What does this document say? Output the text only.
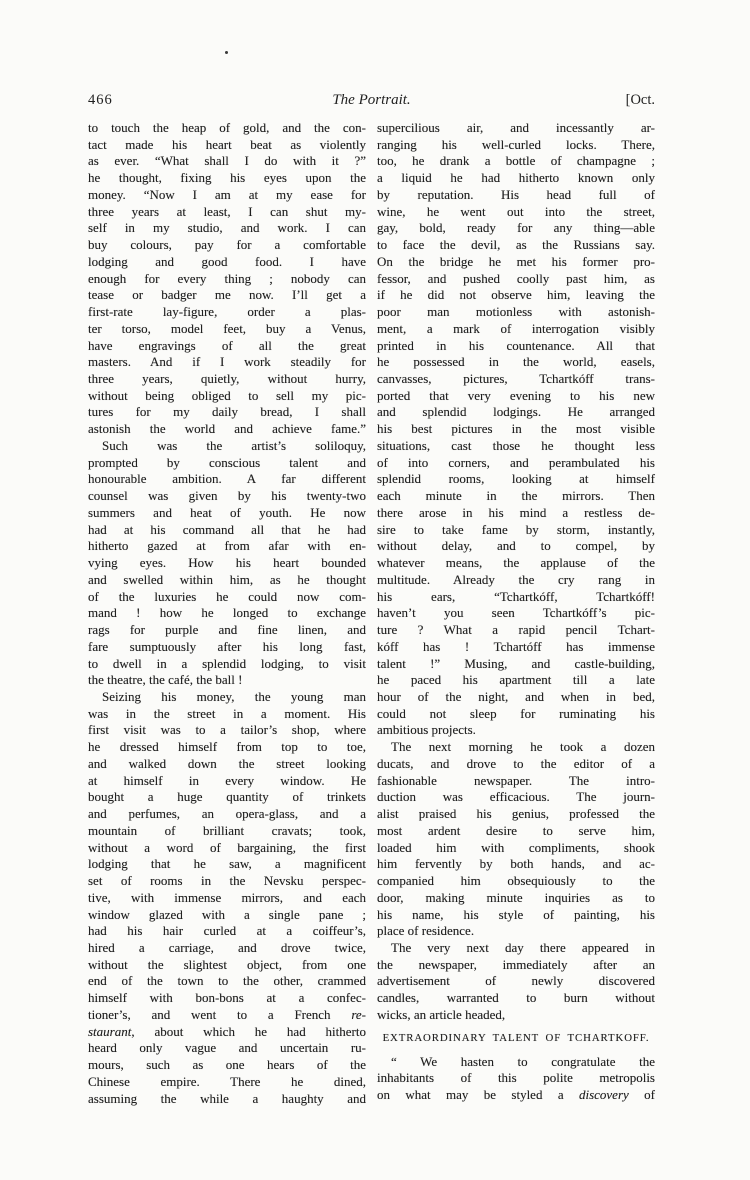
466	The Portrait.	[Oct.
to touch the heap of gold, and the con-
tact made his heart beat as violently
as ever. “What shall I do with it ?”
he thought, fixing his eyes upon the
money. “Now I am at my ease for
three years at least, I can shut my-
self in my studio, and work. I can
buy colours, pay for a comfortable
lodging and good food. I have
enough for every thing ; nobody can
tease or badger me now. I’ll get a
first-rate lay-figure, order a plas-
ter torso, model feet, buy a Venus,
have engravings of all the great
masters. And if I work steadily for
three years, quietly, without hurry,
without being obliged to sell my pic-
tures for my daily bread, I shall
astonish the world and achieve fame.”
Such was the artist’s soliloquy,
prompted by conscious talent and
honourable ambition. A far different
counsel was given by his twenty-two
summers and heat of youth. He now
had at his command all that he had
hitherto gazed at from afar with en-
vying eyes. How his heart bounded
and swelled within him, as he thought
of the luxuries he could now com-
mand ! how he longed to exchange
rags for purple and fine linen, and
fare sumptuously after his long fast,
to dwell in a splendid lodging, to visit
the theatre, the café, the ball !
Seizing his money, the young man
was in the street in a moment. His
first visit was to a tailor’s shop, where
he dressed himself from top to toe,
and walked down the street looking
at himself in every window. He
bought a huge quantity of trinkets
and perfumes, an opera-glass, and a
mountain of brilliant cravats; took,
without a word of bargaining, the first
lodging that he saw, a magnificent
set of rooms in the Nevsku perspec-
tive, with immense mirrors, and each
window glazed with a single pane ;
had his hair curled at a coiffeur’s,
hired a carriage, and drove twice,
without the slightest object, from one
end of the town to the other, crammed
himself with bon-bons at a confec-
tioner’s, and went to a French re-
staurant, about which he had hitherto
heard only vague and uncertain ru-
mours, such as one hears of the
Chinese empire. There he dined,
assuming the while a haughty and
supercilious air, and incessantly ar-
ranging his well-curled locks. There,
too, he drank a bottle of champagne ;
a liquid he had hitherto known only
by reputation. His head full of
wine, he went out into the street,
gay, bold, ready for any thing—able
to face the devil, as the Russians say.
On the bridge he met his former pro-
fessor, and pushed coolly past him, as
if he did not observe him, leaving the
poor man motionless with astonish-
ment, a mark of interrogation visibly
printed in his countenance. All that
he possessed in the world, easels,
canvasses, pictures, Tchartkóff trans-
ported that very evening to his new
and splendid lodgings. He arranged
his best pictures in the most visible
situations, cast those he thought less
of into corners, and perambulated his
splendid rooms, looking at himself
each minute in the mirrors. Then
there arose in his mind a restless de-
sire to take fame by storm, instantly,
without delay, and to compel, by
whatever means, the applause of the
multitude. Already the cry rang in
his ears, “Tchartkóff, Tchartkóff!
haven’t you seen Tchartkóff’s pic-
ture ? What a rapid pencil Tchart-
kóff has ! Tchartóff has immense
talent !” Musing, and castle-building,
he paced his apartment till a late
hour of the night, and when in bed,
could not sleep for ruminating his
ambitious projects.
The next morning he took a dozen
ducats, and drove to the editor of a
fashionable newspaper. The intro-
duction was efficacious. The journ-
alist praised his genius, professed the
most ardent desire to serve him,
loaded him with compliments, shook
him fervently by both hands, and ac-
companied him obsequiously to the
door, making minute inquiries as to
his name, his style of painting, his
place of residence.
The very next day there appeared in
the newspaper, immediately after an
advertisement of newly discovered
candles, warranted to burn without
wicks, an article headed,
EXTRAORDINARY TALENT OF TCHARTKOFF.
“ We hasten to congratulate the
inhabitants of this polite metropolis
on what may be styled a discovery of
